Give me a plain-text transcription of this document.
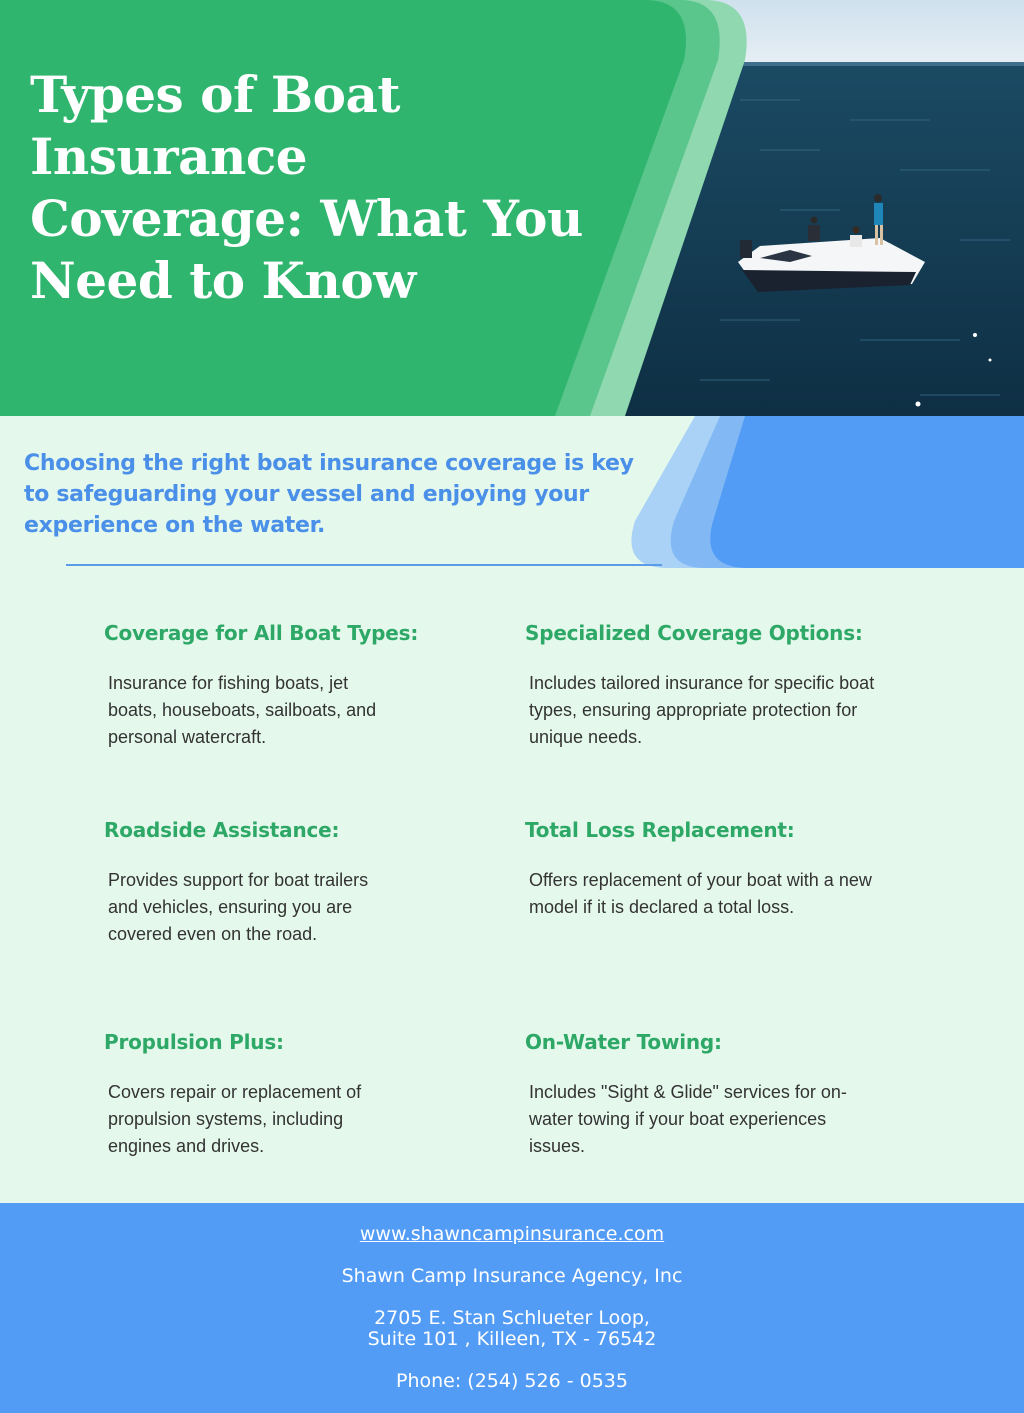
Types of Boat Insurance Coverage: What You Need to Know

Choosing the right boat insurance coverage is key to safeguarding your vessel and enjoying your experience on the water.

Coverage for All Boat Types:

Insurance for fishing boats, jet boats, houseboats, sailboats, and personal watercraft.

Specialized Coverage Options:

Includes tailored insurance for specific boat types, ensuring appropriate protection for unique needs.

Roadside Assistance:

Provides support for boat trailers and vehicles, ensuring you are covered even on the road.

Total Loss Replacement:

Offers replacement of your boat with a new model if it is declared a total loss.

Propulsion Plus:

Covers repair or replacement of propulsion systems, including engines and drives.

On-Water Towing:

Includes "Sight & Glide" services for on-water towing if your boat experiences issues.

www.shawncampinsurance.com

Shawn Camp Insurance Agency, Inc

2705 E. Stan Schlueter Loop,

Suite 101 , Killeen, TX - 76542

Phone: (254) 526 - 0535
